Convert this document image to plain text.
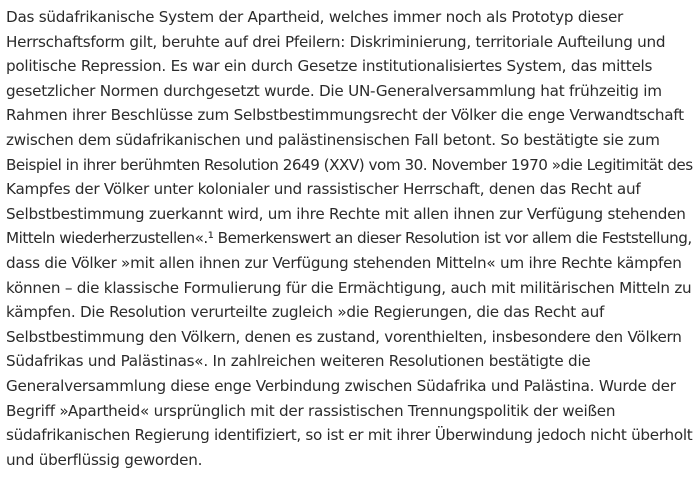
Das südafrikanische System der Apartheid, welches immer noch als Prototyp dieser
Herrschaftsform gilt, beruhte auf drei Pfeilern: Diskriminierung, territoriale Aufteilung und
politische Repression. Es war ein durch Gesetze institutionalisiertes System, das mittels
gesetzlicher Normen durchgesetzt wurde. Die UN-Generalversammlung hat frühzeitig im
Rahmen ihrer Beschlüsse zum Selbstbestimmungsrecht der Völker die enge Verwandtschaft
zwischen dem südafrikanischen und palästinensischen Fall betont. So bestätigte sie zum
Beispiel in ihrer berühmten Resolution 2649 (XXV) vom 30. November 1970 »die Legitimität des
Kampfes der Völker unter kolonialer und rassistischer Herrschaft, denen das Recht auf
Selbstbestimmung zuerkannt wird, um ihre Rechte mit allen ihnen zur Verfügung stehenden
Mitteln wiederherzustellen«.¹ Bemerkenswert an dieser Resolution ist vor allem die Feststellung,
dass die Völker »mit allen ihnen zur Verfügung stehenden Mitteln« um ihre Rechte kämpfen
können – die klassische Formulierung für die Ermächtigung, auch mit militärischen Mitteln zu
kämpfen. Die Resolution verurteilte zugleich »die Regierungen, die das Recht auf
Selbstbestimmung den Völkern, denen es zustand, vorenthielten, insbesondere den Völkern
Südafrikas und Palästinas«. In zahlreichen weiteren Resolutionen bestätigte die
Generalversammlung diese enge Verbindung zwischen Südafrika und Palästina. Wurde der
Begriff »Apartheid« ursprünglich mit der rassistischen Trennungspolitik der weißen
südafrikanischen Regierung identifiziert, so ist er mit ihrer Überwindung jedoch nicht überholt
und überflüssig geworden.
